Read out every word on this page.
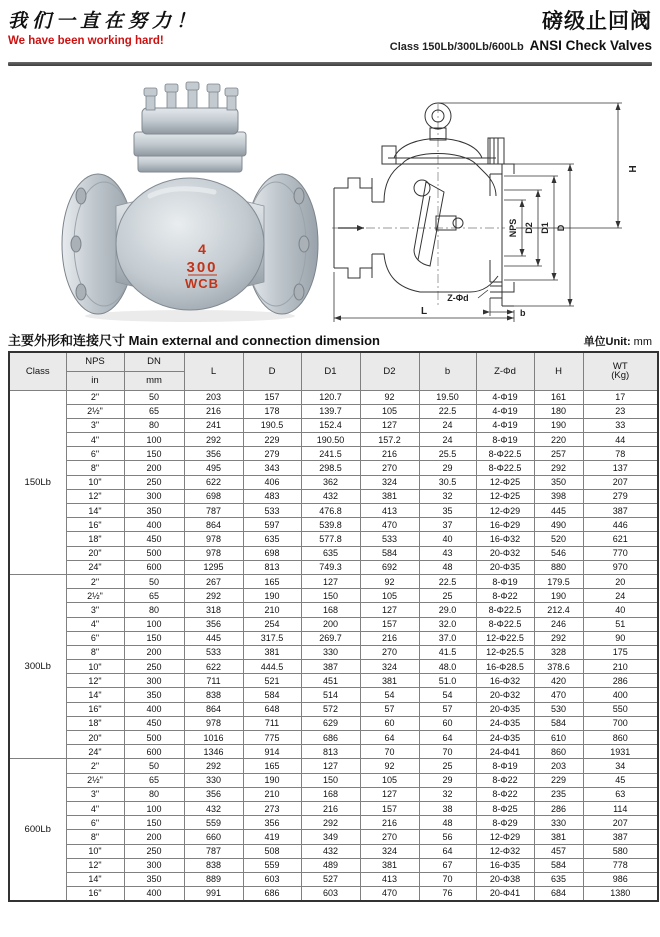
我们一直在努力！
We have been working hard!
磅级止回阀
Class 150Lb/300Lb/600Lb ANSI Check Valves
4
300
WCB
H
NPS D2 D1 D
Z-Φd
b
L
主要外形和连接尺寸 Main external and connection dimension	单位Unit: mm
Class	NPS	DN	L	D	D1	D2	b	Z-Φd	H	WT
(Kg)

	in	mm								
150Lb	2"	50	203	157	120.7	92	19.50	4-Φ19	161	17
	2½"	65	216	178	139.7	105	22.5	4-Φ19	180	23
	3"	80	241	190.5	152.4	127	24	4-Φ19	190	33
	4"	100	292	229	190.50	157.2	24	8-Φ19	220	44
	6"	150	356	279	241.5	216	25.5	8-Φ22.5	257	78
	8"	200	495	343	298.5	270	29	8-Φ22.5	292	137
	10"	250	622	406	362	324	30.5	12-Φ25	350	207
	12"	300	698	483	432	381	32	12-Φ25	398	279
	14"	350	787	533	476.8	413	35	12-Φ29	445	387
	16"	400	864	597	539.8	470	37	16-Φ29	490	446
	18"	450	978	635	577.8	533	40	16-Φ32	520	621
	20"	500	978	698	635	584	43	20-Φ32	546	770
	24"	600	1295	813	749.3	692	48	20-Φ35	880	970
300Lb	2"	50	267	165	127	92	22.5	8-Φ19	179.5	20
	2½"	65	292	190	150	105	25	8-Φ22	190	24
	3"	80	318	210	168	127	29.0	8-Φ22.5	212.4	40
	4"	100	356	254	200	157	32.0	8-Φ22.5	246	51
	6"	150	445	317.5	269.7	216	37.0	12-Φ22.5	292	90
	8"	200	533	381	330	270	41.5	12-Φ25.5	328	175
	10"	250	622	444.5	387	324	48.0	16-Φ28.5	378.6	210
	12"	300	711	521	451	381	51.0	16-Φ32	420	286
	14"	350	838	584	514	54	54	20-Φ32	470	400
	16"	400	864	648	572	57	57	20-Φ35	530	550
	18"	450	978	711	629	60	60	24-Φ35	584	700
	20"	500	1016	775	686	64	64	24-Φ35	610	860
	24"	600	1346	914	813	70	70	24-Φ41	860	1931
600Lb	2"	50	292	165	127	92	25	8-Φ19	203	34
	2½"	65	330	190	150	105	29	8-Φ22	229	45
	3"	80	356	210	168	127	32	8-Φ22	235	63
	4"	100	432	273	216	157	38	8-Φ25	286	114
	6"	150	559	356	292	216	48	8-Φ29	330	207
	8"	200	660	419	349	270	56	12-Φ29	381	387
	10"	250	787	508	432	324	64	12-Φ32	457	580
	12"	300	838	559	489	381	67	16-Φ35	584	778
	14"	350	889	603	527	413	70	20-Φ38	635	986
	16"	400	991	686	603	470	76	20-Φ41	684	1380
